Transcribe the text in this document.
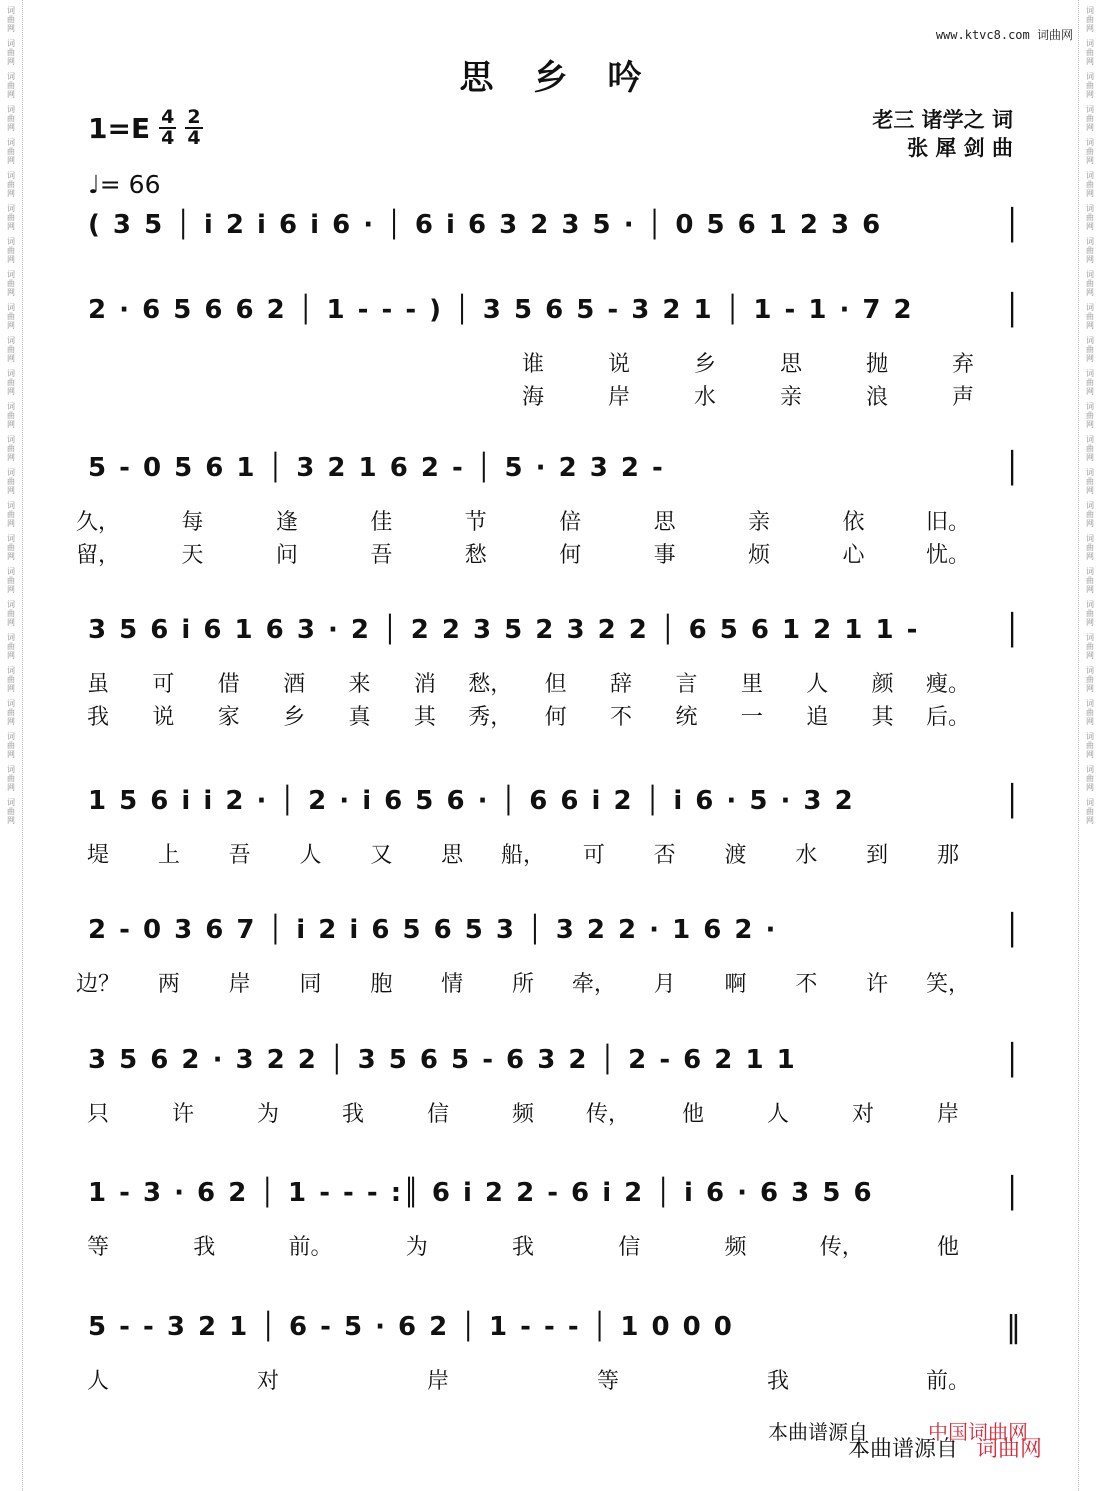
词
曲
网
词
曲
网
词
曲
网
词
曲
网
词
曲
网
词
曲
网
词
曲
网
词
曲
网
词
曲
网
词
曲
网
词
曲
网
词
曲
网
词
曲
网
词
曲
网
词
曲
网
词
曲
网
词
曲
网
词
曲
网
词
曲
网
词
曲
网
词
曲
网
词
曲
网
词
曲
网
词
曲
网
词
曲
网
词
曲
网
词
曲
网
词
曲
网
词
曲
网
词
曲
网
词
曲
网
词
曲
网
词
曲
网
词
曲
网
词
曲
网
词
曲
网
词
曲
网
词
曲
网
词
曲
网
词
曲
网
词
曲
网
词
曲
网
词
曲
网
词
曲
网
词
曲
网
词
曲
网
词
曲
网
词
曲
网
词
曲
网
词
曲
网
www.ktvc8.com 词曲网
思乡吟
$1=E \frac{4}{4} \frac{2}{4}$	老三 诸学之 词
张 犀 剑 曲
♩= 66
( 3 5 │ i 2 i 6 i 6 · │ 6 i 6 3 2 3 5 · │ 0 5 6 1 2 3 6	│
2 · 6 5 6 6 2 │ 1 - - - ) │ 3 5 6 5 - 3 2 1 │ 1 - 1 · 7 2	│
谁	说	乡	思	抛	弃
海	岸	水	亲	浪	声
5 - 0 5 6 1 │ 3 2 1 6 2 - │ 5 · 2 3 2 -	│
久，	每	逢	佳	节	倍	思	亲	依	旧。
留，	天	问	吾	愁	何	事	烦	心	忧。
3 5 6 i 6 1 6 3 · 2 │ 2 2 3 5 2 3 2 2 │ 6 5 6 1 2 1 1 -	│
虽 可 借 酒 来 消 愁， 但 辞 言 里 人 颜 瘦。
我 说 家 乡 真 其 秀， 何 不 统 一 追 其 后。
1 5 6 i i 2 · │ 2 · i 6 5 6 · │ 6 6 i 2 │ i 6 · 5 · 3 2	│
堤 上 吾 人 又 思 船， 可 否 渡 水 到 那
2 - 0 3 6 7 │ i 2 i 6 5 6 5 3 │ 3 2 2 · 1 6 2 ·	│
边？ 两 岸 同 胞 情 所 牵， 月 啊 不 许 笑，
3 5 6 2 · 3 2 2 │ 3 5 6 5 - 6 3 2 │ 2 - 6 2 1 1	│
只	许	为	我	信	频 传， 他	人	对	岸
1 - 3 · 6 2 │ 1 - - - :║ 6 i 2 2 - 6 i 2 │ i 6 · 6 3 5 6	│
等	我	前。	为	我	信	频	传，	他
5 - - 3 2 1 │ 6 - 5 · 6 2 │ 1 - - - │ 1 0 0 0	‖
人	对	岸	等	我	前。
本曲谱源自	中国词曲网
本曲谱源自 词曲网
